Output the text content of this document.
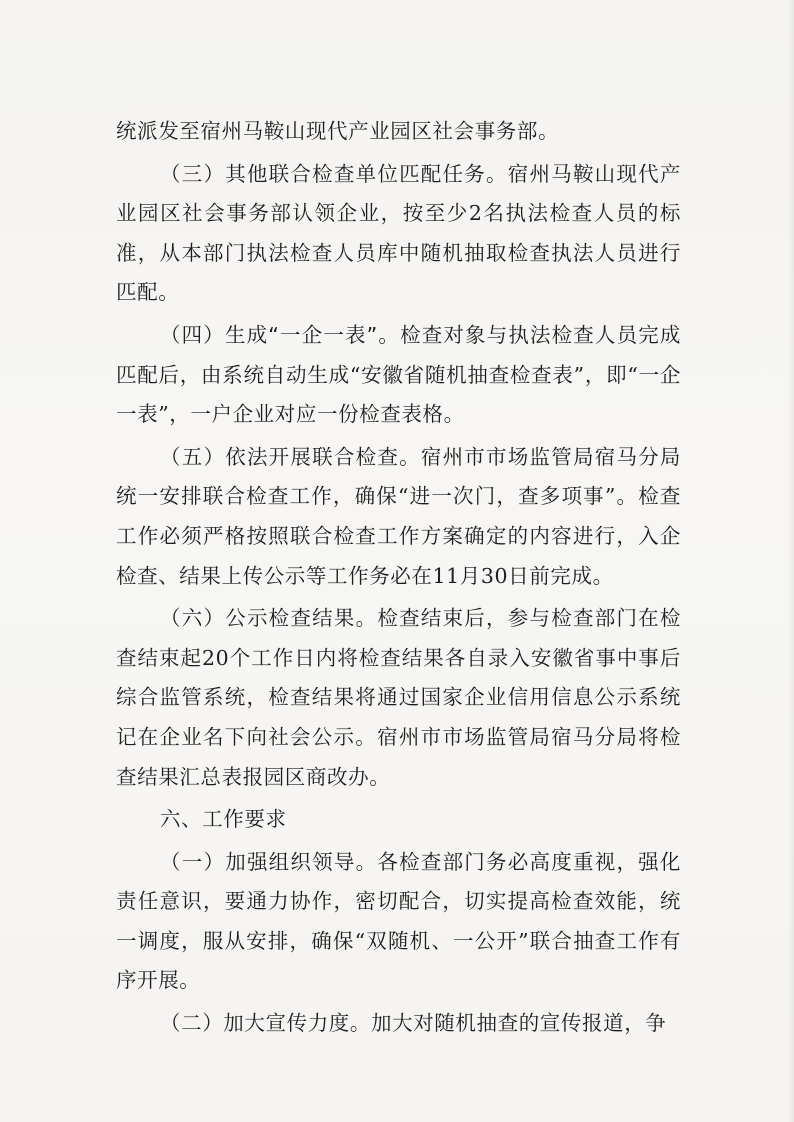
统派发至宿州马鞍山现代产业园区社会事务部。

（三）其他联合检查单位匹配任务。宿州马鞍山现代产业园区社会事务部认领企业，按至少2名执法检查人员的标准，从本部门执法检查人员库中随机抽取检查执法人员进行匹配。

（四）生成“一企一表”。检查对象与执法检查人员完成匹配后，由系统自动生成“安徽省随机抽查检查表”，即“一企一表”，一户企业对应一份检查表格。

（五）依法开展联合检查。宿州市市场监管局宿马分局统一安排联合检查工作，确保“进一次门，查多项事”。检查工作必须严格按照联合检查工作方案确定的内容进行，入企检查、结果上传公示等工作务必在11月30日前完成。

（六）公示检查结果。检查结束后，参与检查部门在检查结束起20个工作日内将检查结果各自录入安徽省事中事后综合监管系统，检查结果将通过国家企业信用信息公示系统记在企业名下向社会公示。宿州市市场监管局宿马分局将检查结果汇总表报园区商改办。

六、工作要求

（一）加强组织领导。各检查部门务必高度重视，强化责任意识，要通力协作，密切配合，切实提高检查效能，统一调度，服从安排，确保“双随机、一公开”联合抽查工作有序开展。

（二）加大宣传力度。加大对随机抽查的宣传报道，争
